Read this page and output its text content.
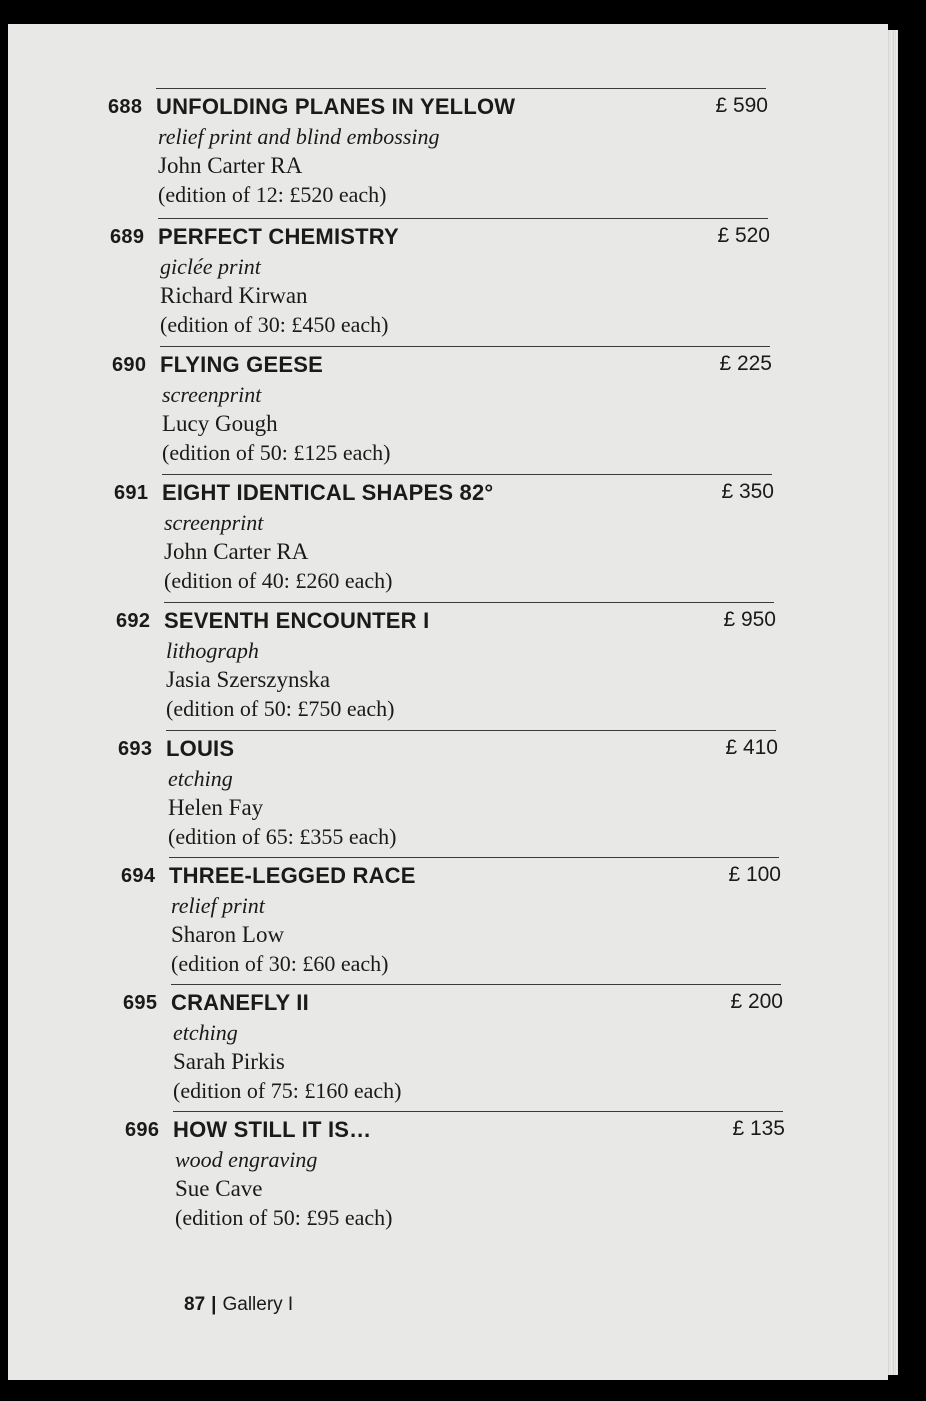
688 UNFOLDING PLANES IN YELLOW	£ 590
relief print and blind embossing
John Carter RA
(edition of 12: £520 each)
689 PERFECT CHEMISTRY	£ 520
giclée print
Richard Kirwan
(edition of 30: £450 each)
690 FLYING GEESE	£ 225
screenprint
Lucy Gough
(edition of 50: £125 each)
691 EIGHT IDENTICAL SHAPES 82°	£ 350
screenprint
John Carter RA
(edition of 40: £260 each)
692 SEVENTH ENCOUNTER I	£ 950
lithograph
Jasia Szerszynska
(edition of 50: £750 each)
693 LOUIS	£ 410
etching
Helen Fay
(edition of 65: £355 each)
694 THREE-LEGGED RACE	£ 100
relief print
Sharon Low
(edition of 30: £60 each)
695 CRANEFLY II	£ 200
etching
Sarah Pirkis
(edition of 75: £160 each)
696 HOW STILL IT IS…	£ 135
wood engraving
Sue Cave
(edition of 50: £95 each)
87 | Gallery I
